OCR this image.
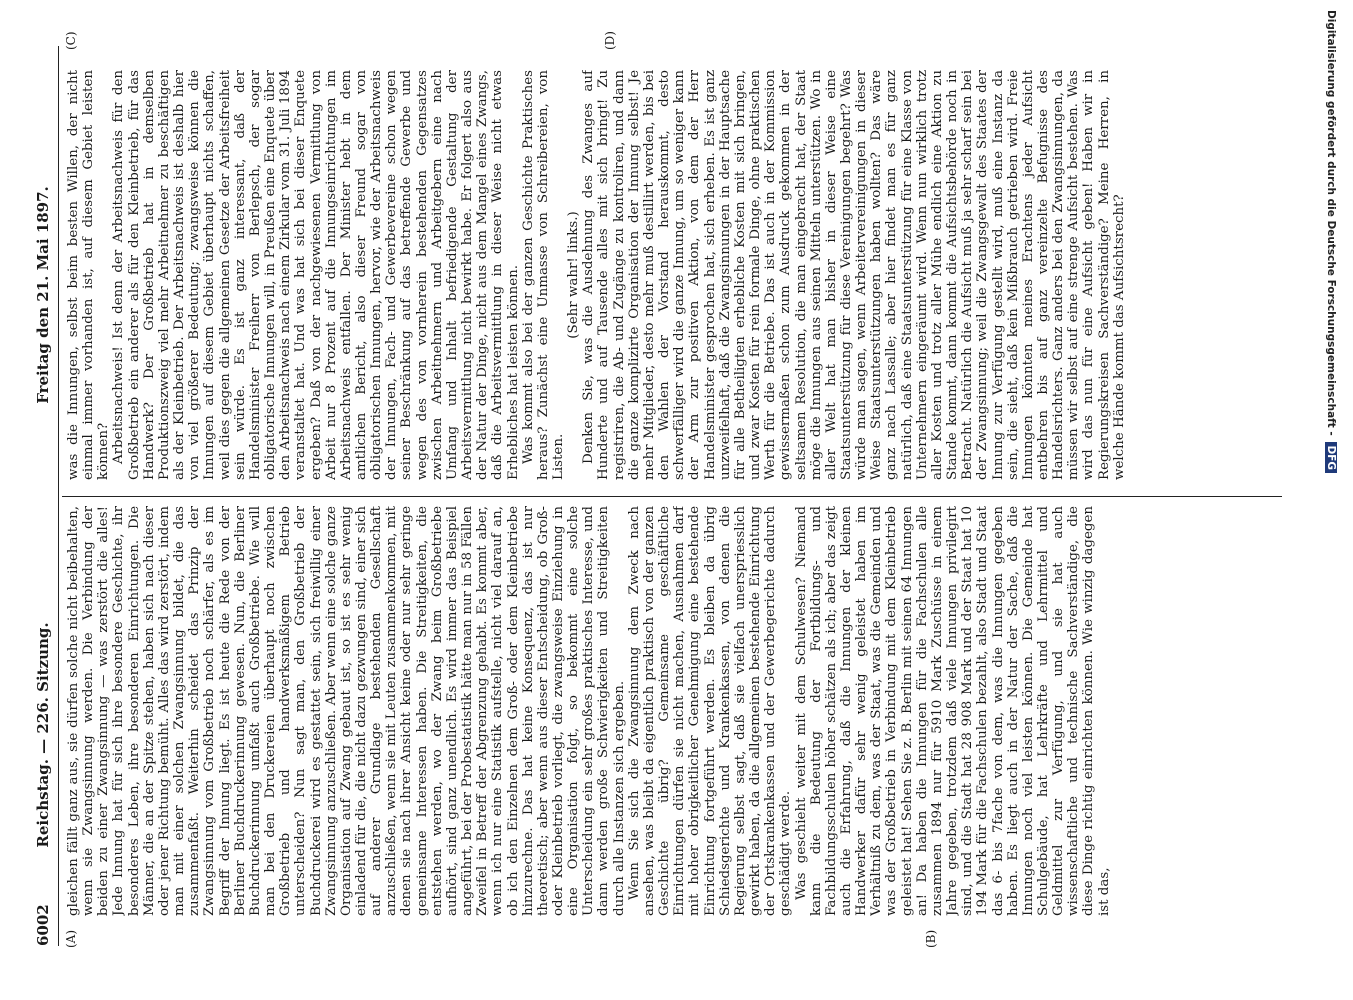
6002
Reichstag. — 226. Sitzung.
Freitag den 21. Mai 1897.
(A)	(B)
(C)	(D)

gleichen fällt ganz aus, sie dürfen solche nicht beibehalten, wenn sie Zwangsinnung werden. Die Verbindung der beiden zu einer Zwangsinnung — was zerstört die alles! Jede Innung hat für sich ihre besondere Geschichte, ihr besonderes Leben, ihre besonderen Einrichtungen. Die Männer, die an der Spitze stehen, haben sich nach dieser oder jener Richtung bemüht. Alles das wird zerstört, indem man mit einer solchen Zwangsinnung bildet, die das zusammenfaßt. Weiterhin scheidet das Prinzip der Zwangsinnung vom Großbetrieb noch schärfer, als es im Begriff der Innung liegt. Es ist heute die Rede von der Berliner Buchdruckerinnung gewesen. Nun, die Berliner Buchdruckerinnung umfaßt auch Großbetriebe. Wie will man bei den Druckereien überhaupt noch zwischen Großbetrieb und handwerksmäßigem Betrieb unterscheiden? Nun sagt man, den Großbetrieb der Buchdruckerei wird es gestattet sein, sich freiwillig einer Zwangsinnung anzuschließen. Aber wenn eine solche ganze Organisation auf Zwang gebaut ist, so ist es sehr wenig einladend für die, die nicht dazu gezwungen sind, einer sich auf anderer Grundlage bestehenden Gesellschaft anzuschließen, wenn sie mit Leuten zusammenkommen, mit denen sie nach ihrer Ansicht keine oder nur sehr geringe gemeinsame Interessen haben. Die Streitigkeiten, die entstehen werden, wo der Zwang beim Großbetriebe aufhört, sind ganz unendlich. Es wird immer das Beispiel angeführt, bei der Probestatistik hätte man nur in 58 Fällen Zweifel in Betreff der Abgrenzung gehabt. Es kommt aber, wenn ich nur eine Statistik aufstelle, nicht viel darauf an, ob ich den Einzelnen dem Groß- oder dem Kleinbetriebe hinzurechne. Das hat keine Konsequenz, das ist nur theoretisch; aber wenn aus dieser Entscheidung, ob Groß- oder Kleinbetrieb vorliegt, die zwangsweise Einziehung in eine Organisation folgt, so bekommt eine solche Unterscheidung ein sehr großes praktisches Interesse, und dann werden große Schwierigkeiten und Streitigkeiten durch alle Instanzen sich ergeben. Wenn Sie sich die Zwangsinnung dem Zweck nach ansehen, was bleibt da eigentlich praktisch von der ganzen Geschichte übrig? Gemeinsame geschäftliche Einrichtungen dürfen sie nicht machen, Ausnahmen darf mit hoher obrigkeitlicher Genehmigung eine bestehende Einrichtung fortgeführt werden. Es bleiben da übrig Schiedsgerichte und Krankenkassen, von denen die Regierung selbst sagt, daß sie vielfach unerspriesslich gewirkt haben, da die allgemeinen bestehende Einrichtung der Ortskrankenkassen und der Gewerbegerichte dadurch geschädigt werde. Was geschieht weiter mit dem Schulwesen? Niemand kann die Bedeutung der Fortbildungs- und Fachbildungsschulen höher schätzen als ich; aber das zeigt auch die Erfahrung, daß die Innungen der kleinen Handwerker dafür sehr wenig geleistet haben im Verhältniß zu dem, was der Staat, was die Gemeinden und was der Großbetrieb in Verbindung mit dem Kleinbetrieb geleistet hat! Sehen Sie z. B. Berlin mit seinen 64 Innungen an! Da haben die Innungen für die Fachschulen alle zusammen 1894 nur für 5910 Mark Zuschüsse in einem Jahre gegeben, trotzdem daß viele Innungen privilegirt sind, und die Stadt hat 28 908 Mark und der Staat hat 10 194 Mark für die Fachschulen bezahlt, also Stadt und Staat das 6- bis 7fache von dem, was die Innungen gegeben haben. Es liegt auch in der Natur der Sache, daß die Innungen noch viel leisten können. Die Gemeinde hat Schulgebäude, hat Lehrkräfte und Lehrmittel und Geldmittel zur Verfügung, und sie hat auch wissenschaftliche und technische Sachverständige, die diese Dinge richtig einrichten können. Wie winzig dagegen ist das,

was die Innungen, selbst beim besten Willen, der nicht einmal immer vorhanden ist, auf diesem Gebiet leisten können? Arbeitsnachweis! Ist denn der Arbeitsnachweis für den Großbetrieb ein anderer als für den Kleinbetrieb, für das Handwerk? Der Großbetrieb hat in demselben Produktionszweig viel mehr Arbeitnehmer zu beschäftigen als der Kleinbetrieb. Der Arbeitsnachweis ist deshalb hier von viel größerer Bedeutung; zwangsweise können die Innungen auf diesem Gebiet überhaupt nichts schaffen, weil dies gegen die allgemeinen Gesetze der Arbeitsfreiheit sein würde. Es ist ganz interessant, daß der Handelsminister Freiherr von Berlepsch, der sogar obligatorische Innungen will, in Preußen eine Enquete über den Arbeitsnachweis nach einem Zirkular vom 31. Juli 1894 veranstaltet hat. Und was hat sich bei dieser Enquete ergeben? Daß von der nachgewiesenen Vermittlung von Arbeit nur 8 Prozent auf die Innungseinrichtungen im Arbeitsnachweis entfallen. Der Minister hebt in dem amtlichen Bericht, also dieser Freund sogar von obligatorischen Innungen, hervor, wie der Arbeitsnachweis der Innungen, Fach- und Gewerbevereine schon wegen seiner Beschränkung auf das betreffende Gewerbe und wegen des von vornherein bestehenden Gegensatzes zwischen Arbeitnehmern und Arbeitgebern eine nach Umfang und Inhalt befriedigende Gestaltung der Arbeitsvermittlung nicht bewirkt habe. Er folgert also aus der Natur der Dinge, nicht aus dem Mangel eines Zwangs, daß die Arbeitsvermittlung in dieser Weise nicht etwas Erhebliches hat leisten können. Was kommt also bei der ganzen Geschichte Praktisches heraus? Zunächst eine Unmasse von Schreibereien, von Listen.

(Sehr wahr! links.) Denken Sie, was die Ausdehnung des Zwanges auf Hunderte und auf Tausende alles mit sich bringt! Zu registriren, die Ab- und Zugänge zu kontroliren, und dann die ganze komplizirte Organisation der Innung selbst! Je mehr Mitglieder, desto mehr muß destillirt werden, bis bei den Wahlen der Vorstand herauskommt, desto schwerfälliger wird die ganze Innung, um so weniger kann der Arm zur positiven Aktion, von dem der Herr Handelsminister gesprochen hat, sich erheben. Es ist ganz unzweifelhaft, daß die Zwangsinnungen in der Hauptsache für alle Betheiligten erhebliche Kosten mit sich bringen, und zwar Kosten für rein formale Dinge, ohne praktischen Werth für die Betriebe. Das ist auch in der Kommission gewissermaßen schon zum Ausdruck gekommen in der seltsamen Resolution, die man eingebracht hat, der Staat möge die Innungen aus seinen Mitteln unterstützen. Wo in aller Welt hat man bisher in dieser Weise eine Staatsunterstützung für diese Vereinigungen begehrt? Was würde man sagen, wenn Arbeitervereinigungen in dieser Weise Staatsunterstützungen haben wollten? Das wäre ganz nach Lassalle; aber hier findet man es für ganz natürlich, daß eine Staatsunterstützung für eine Klasse von Unternehmern eingeräumt wird. Wenn nun wirklich trotz aller Kosten und trotz aller Mühe endlich eine Aktion zu Stande kommt, dann kommt die Aufsichtsbehörde noch in Betracht. Natürlich die Aufsicht muß ja sehr scharf sein bei der Zwangsinnung; weil die Zwangsgewalt des Staates der Innung zur Verfügung gestellt wird, muß eine Instanz da sein, die sieht, daß kein Mißbrauch getrieben wird. Freie Innungen könnten meines Erachtens jeder Aufsicht entbehren bis auf ganz vereinzelte Befugnisse des Handelsrichters. Ganz anders bei den Zwangsinnungen, da müssen wir selbst auf eine strenge Aufsicht bestehen. Was wird das nun für eine Aufsicht geben! Haben wir in Regierungskreisen Sachverständige? Meine Herren, in welche Hände kommt das Aufsichtsrecht?	Digitalisierung gefördert durch die Deutsche Forschungsgemeinschaft - DFG
